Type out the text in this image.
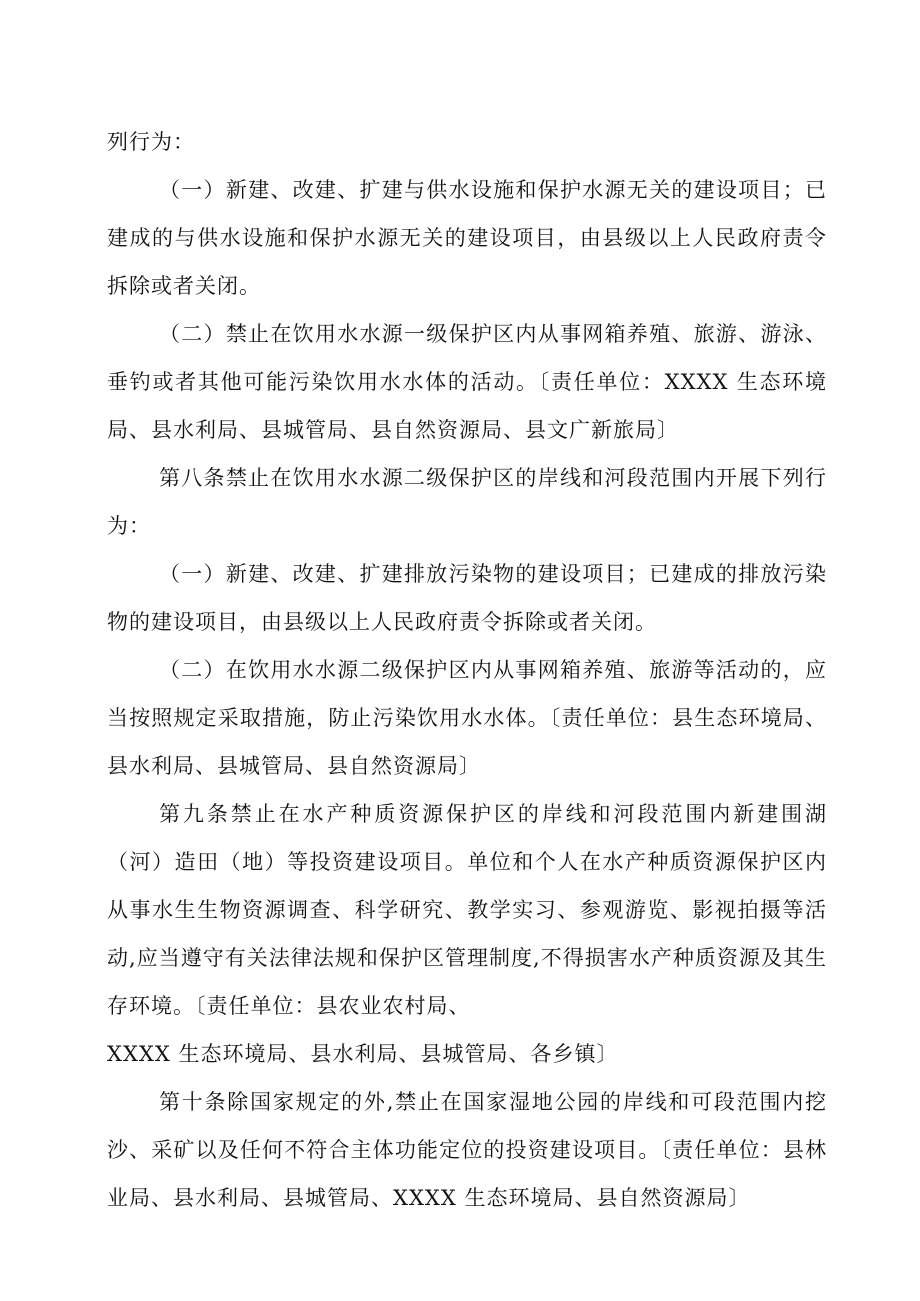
列行为：

（一）新建、改建、扩建与供水设施和保护水源无关的建设项目；已建成的与供水设施和保护水源无关的建设项目，由县级以上人民政府责令拆除或者关闭。

（二）禁止在饮用水水源一级保护区内从事网箱养殖、旅游、游泳、垂钓或者其他可能污染饮用水水体的活动。〔责任单位：XXXX 生态环境局、县水利局、县城管局、县自然资源局、县文广新旅局〕

第八条禁止在饮用水水源二级保护区的岸线和河段范围内开展下列行为：

（一）新建、改建、扩建排放污染物的建设项目；已建成的排放污染物的建设项目，由县级以上人民政府责令拆除或者关闭。

（二）在饮用水水源二级保护区内从事网箱养殖、旅游等活动的，应当按照规定采取措施，防止污染饮用水水体。〔责任单位：县生态环境局、县水利局、县城管局、县自然资源局〕

第九条禁止在水产种质资源保护区的岸线和河段范围内新建围湖（河）造田（地）等投资建设项目。单位和个人在水产种质资源保护区内从事水生生物资源调查、科学研究、教学实习、参观游览、影视拍摄等活动,应当遵守有关法律法规和保护区管理制度,不得损害水产种质资源及其生存环境。〔责任单位：县农业农村局、

XXXX 生态环境局、县水利局、县城管局、各乡镇〕

第十条除国家规定的外,禁止在国家湿地公园的岸线和可段范围内挖沙、采矿以及任何不符合主体功能定位的投资建设项目。〔责任单位：县林业局、县水利局、县城管局、XXXX 生态环境局、县自然资源局〕
